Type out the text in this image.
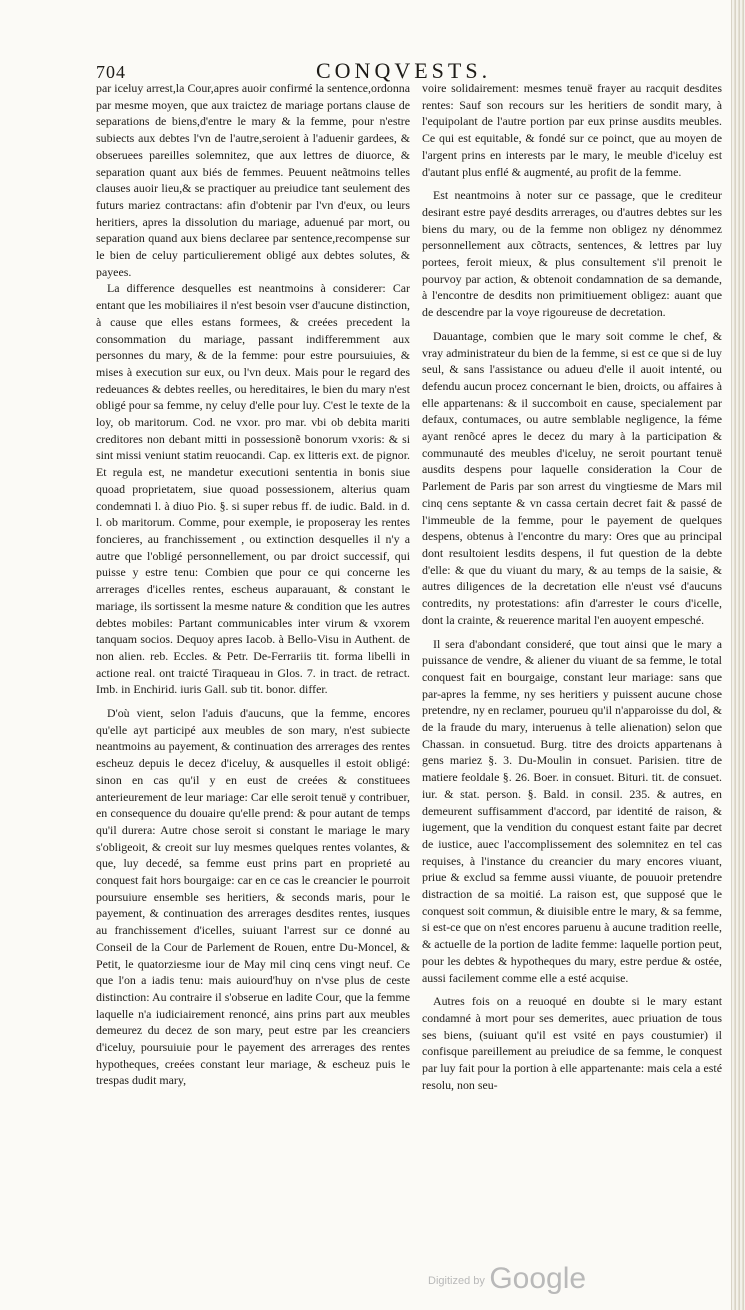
704	CONQVESTS.

par iceluy arrest,la Cour,apres auoir confirmé la sentence,ordonna par mesme moyen, que aux traictez de mariage portans clause de separations de biens,d'entre le mary & la femme, pour n'estre subiects aux debtes l'vn de l'autre,seroient à l'aduenir gardees, & obseruees pareilles solemnitez, que aux lettres de diuorce, & separation quant aux biés de femmes. Peuuent neãtmoins telles clauses auoir lieu,& se practiquer au preiudice tant seulement des futurs mariez contractans: afin d'obtenir par l'vn d'eux, ou leurs heritiers, apres la dissolution du mariage, aduenué par mort, ou separation quand aux biens declaree par sentence,recompense sur le bien de celuy particulierement obligé aux debtes solutes, & payees.

La difference desquelles est neantmoins à considerer: Car entant que les mobiliaires il n'est besoin vser d'aucune distinction, à cause que elles estans formees, & creées precedent la consommation du mariage, passant indifferemment aux personnes du mary, & de la femme: pour estre poursuiuies, & mises à execution sur eux, ou l'vn deux. Mais pour le regard des redeuances & debtes reelles, ou hereditaires, le bien du mary n'est obligé pour sa femme, ny celuy d'elle pour luy. C'est le texte de la loy, ob maritorum. Cod. ne vxor. pro mar. vbi ob debita mariti creditores non debant mitti in possessionẽ bonorum vxoris: & si sint missi veniunt statim reuocandi. Cap. ex litteris ext. de pignor. Et regula est, ne mandetur executioni sententia in bonis siue quoad proprietatem, siue quoad possessionem, alterius quam condemnati l. à diuo Pio. §. si super rebus ff. de iudic. Bald. in d. l. ob maritorum. Comme, pour exemple, ie proposeray les rentes foncieres, au franchissement , ou extinction desquelles il n'y a autre que l'obligé personnellement, ou par droict successif, qui puisse y estre tenu: Combien que pour ce qui concerne les arrerages d'icelles rentes, escheus auparauant, & constant le mariage, ils sortissent la mesme nature & condition que les autres debtes mobiles: Partant communicables inter virum & vxorem tanquam socios. Dequoy apres Iacob. à Bello-Visu in Authent. de non alien. reb. Eccles. & Petr. De-Ferrariis tit. forma libelli in actione real. ont traicté Tiraqueau in Glos. 7. in tract. de retract. Imb. in Enchirid. iuris Gall. sub tit. bonor. differ.

D'où vient, selon l'aduis d'aucuns, que la femme, encores qu'elle ayt participé aux meubles de son mary, n'est subiecte neantmoins au payement, & continuation des arrerages des rentes escheuz depuis le decez d'iceluy, & ausquelles il estoit obligé: sinon en cas qu'il y en eust de creées & constituees anterieurement de leur mariage: Car elle seroit tenuë y contribuer, en consequence du douaire qu'elle prend: & pour autant de temps qu'il durera: Autre chose seroit si constant le mariage le mary s'obligeoit, & creoit sur luy mesmes quelques rentes volantes, & que, luy decedé, sa femme eust prins part en proprieté au conquest fait hors bourgaige: car en ce cas le creancier le pourroit poursuiure ensemble ses heritiers, & seconds maris, pour le payement, & continuation des arrerages desdites rentes, iusques au franchissement d'icelles, suiuant l'arrest sur ce donné au Conseil de la Cour de Parlement de Rouen, entre Du-Moncel, & Petit, le quatorziesme iour de May mil cinq cens vingt neuf. Ce que l'on a iadis tenu: mais auiourd'huy on n'vse plus de ceste distinction: Au contraire il s'obserue en ladite Cour, que la femme laquelle n'a iudiciairement renoncé, ains prins part aux meubles demeurez du decez de son mary, peut estre par les creanciers d'iceluy, poursuiuie pour le payement des arrerages des rentes hypotheques, creées constant leur mariage, & escheuz puis le trespas dudit mary,

voire solidairement: mesmes tenuë frayer au racquit desdites rentes: Sauf son recours sur les heritiers de sondit mary, à l'equipolant de l'autre portion par eux prinse ausdits meubles. Ce qui est equitable, & fondé sur ce poinct, que au moyen de l'argent prins en interests par le mary, le meuble d'iceluy est d'autant plus enflé & augmenté, au profit de la femme.

Est neantmoins à noter sur ce passage, que le crediteur desirant estre payé desdits arrerages, ou d'autres debtes sur les biens du mary, ou de la femme non obligez ny dénommez personnellement aux cõtracts, sentences, & lettres par luy portees, feroit mieux, & plus consultement s'il prenoit le pourvoy par action, & obtenoit condamnation de sa demande, à l'encontre de desdits non primitiuement obligez: auant que de descendre par la voye rigoureuse de decretation.

Dauantage, combien que le mary soit comme le chef, & vray administrateur du bien de la femme, si est ce que si de luy seul, & sans l'assistance ou adueu d'elle il auoit intenté, ou defendu aucun procez concernant le bien, droicts, ou affaires à elle appartenans: & il succomboit en cause, specialement par defaux, contumaces, ou autre semblable negligence, la féme ayant renõcé apres le decez du mary à la participation & communauté des meubles d'iceluy, ne seroit pourtant tenuë ausdits despens pour laquelle consideration la Cour de Parlement de Paris par son arrest du vingtiesme de Mars mil cinq cens septante & vn cassa certain decret fait & passé de l'immeuble de la femme, pour le payement de quelques despens, obtenus à l'encontre du mary: Ores que au principal dont resultoient lesdits despens, il fut question de la debte d'elle: & que du viuant du mary, & au temps de la saisie, & autres diligences de la decretation elle n'eust vsé d'aucuns contredits, ny protestations: afin d'arrester le cours d'icelle, dont la crainte, & reuerence marital l'en auoyent empesché.

Il sera d'abondant consideré, que tout ainsi que le mary a puissance de vendre, & aliener du viuant de sa femme, le total conquest fait en bourgaige, constant leur mariage: sans que par-apres la femme, ny ses heritiers y puissent aucune chose pretendre, ny en reclamer, pourueu qu'il n'apparoisse du dol, & de la fraude du mary, interuenus à telle alienation) selon que Chassan. in consuetud. Burg. titre des droicts appartenans à gens mariez §. 3. Du-Moulin in consuet. Parisien. titre de matiere feoldale §. 26. Boer. in consuet. Bituri. tit. de consuet. iur. & stat. person. §. Bald. in consil. 235. & autres, en demeurent suffisamment d'accord, par identité de raison, & iugement, que la vendition du conquest estant faite par decret de iustice, auec l'accomplissement des solemnitez en tel cas requises, à l'instance du creancier du mary encores viuant, priue & exclud sa femme aussi viuante, de pouuoir pretendre distraction de sa moitié. La raison est, que supposé que le conquest soit commun, & diuisible entre le mary, & sa femme, si est-ce que on n'est encores paruenu à aucune tradition reelle, & actuelle de la portion de ladite femme: laquelle portion peut, pour les debtes & hypotheques du mary, estre perdue & ostée, aussi facilement comme elle a esté acquise.

Autres fois on a reuoqué en doubte si le mary estant condamné à mort pour ses demerites, auec priuation de tous ses biens, (suiuant qu'il est vsité en pays coustumier) il confisque pareillement au preiudice de sa femme, le conquest par luy fait pour la portion à elle appartenante: mais cela a esté resolu, non seu-

$^{Digitized by}$ Google
